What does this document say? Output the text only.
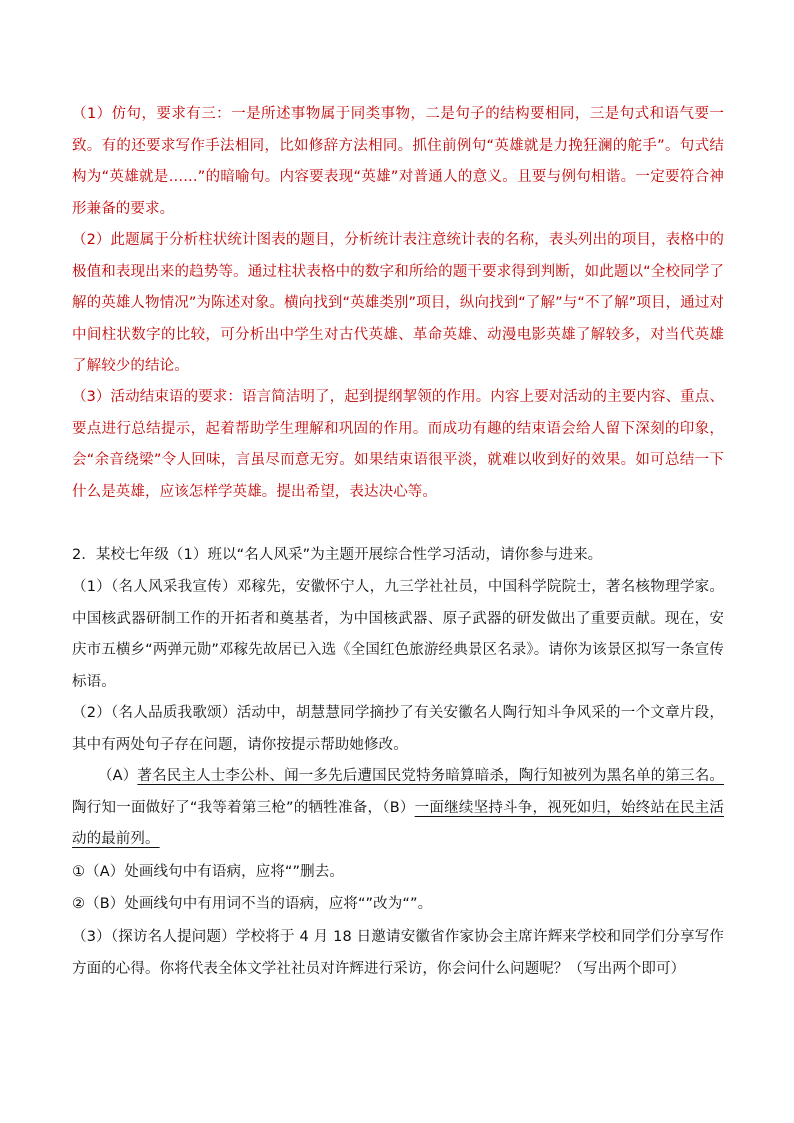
（1）仿句，要求有三：一是所述事物属于同类事物，二是句子的结构要相同，三是句式和语气要一致。有的还要求写作手法相同，比如修辞方法相同。抓住前例句“英雄就是力挽狂澜的舵手”。句式结构为“英雄就是……”的暗喻句。内容要表现“英雄”对普通人的意义。且要与例句相谐。一定要符合神形兼备的要求。

（2）此题属于分析柱状统计图表的题目，分析统计表注意统计表的名称，表头列出的项目，表格中的极值和表现出来的趋势等。通过柱状表格中的数字和所给的题干要求得到判断，如此题以“全校同学了解的英雄人物情况”为陈述对象。横向找到“英雄类别”项目，纵向找到“了解”与“不了解”项目，通过对中间柱状数字的比较，可分析出中学生对古代英雄、革命英雄、动漫电影英雄了解较多，对当代英雄了解较少的结论。

（3）活动结束语的要求：语言简洁明了，起到提纲挈领的作用。内容上要对活动的主要内容、重点、要点进行总结提示，起着帮助学生理解和巩固的作用。而成功有趣的结束语会给人留下深刻的印象，会“余音绕梁”令人回味，言虽尽而意无穷。如果结束语很平淡，就难以收到好的效果。如可总结一下什么是英雄，应该怎样学英雄。提出希望，表达决心等。

2．某校七年级（1）班以“名人风采”为主题开展综合性学习活动，请你参与进来。

（1）（名人风采我宣传）邓稼先，安徽怀宁人，九三学社社员，中国科学院院士，著名核物理学家。中国核武器研制工作的开拓者和奠基者，为中国核武器、原子武器的研发做出了重要贡献。现在，安庆市五横乡“两弹元勋”邓稼先故居已入选《全国红色旅游经典景区名录》。请你为该景区拟写一条宣传标语。

（2）（名人品质我歌颂）活动中，胡慧慧同学摘抄了有关安徽名人陶行知斗争风采的一个文章片段，其中有两处句子存在问题，请你按提示帮助她修改。

（A）著名民主人士李公朴、闻一多先后遭国民党特务暗算暗杀，陶行知被列为黑名单的第三名。陶行知一面做好了“我等着第三枪”的牺牲准备，（B）一面继续坚持斗争，视死如归，始终站在民主活动的最前列。

①（A）处画线句中有语病，应将“”删去。

②（B）处画线句中有用词不当的语病，应将“”改为“”。

（3）（探访名人提问题）学校将于 4 月 18 日邀请安徽省作家协会主席许辉来学校和同学们分享写作方面的心得。你将代表全体文学社社员对许辉进行采访，你会问什么问题呢？（写出两个即可）
